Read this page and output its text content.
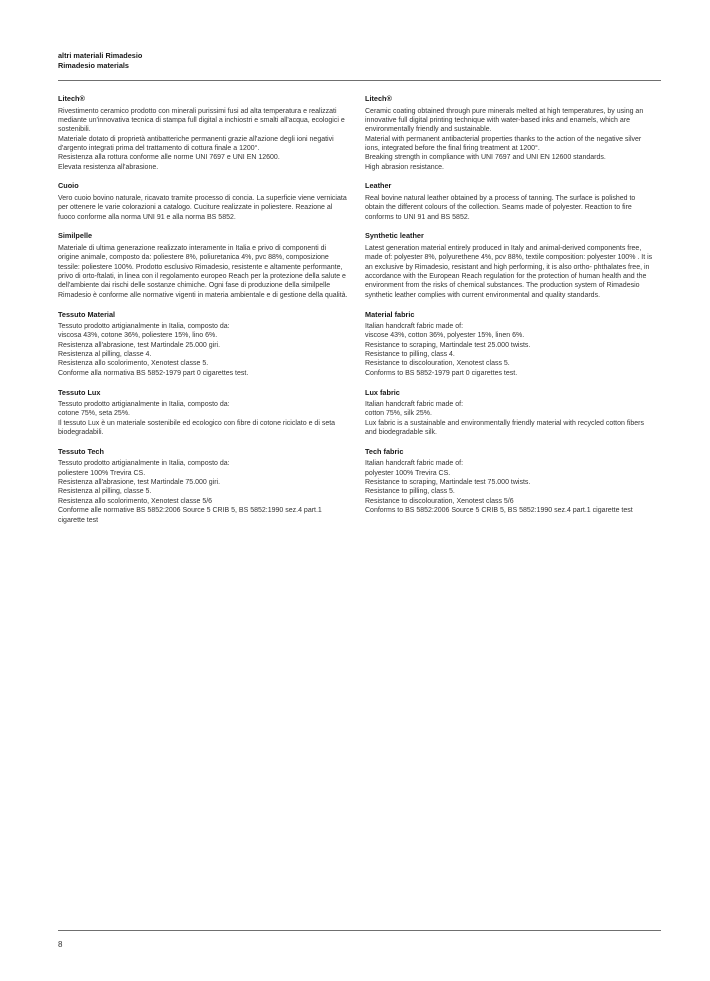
altri materiali Rimadesio
Rimadesio materials
Litech®

Rivestimento ceramico prodotto con minerali purissimi fusi ad alta temperatura e realizzati mediante un'innovativa tecnica di stampa full digital a inchiostri e smalti all'acqua, ecologici e sostenibili.
Materiale dotato di proprietà antibatteriche permanenti grazie all'azione degli ioni negativi d'argento integrati prima del trattamento di cottura finale a 1200°.
Resistenza alla rottura conforme alle norme UNI 7697 e UNI EN 12600.
Elevata resistenza all'abrasione.

Cuoio

Vero cuoio bovino naturale, ricavato tramite processo di concia. La superficie viene verniciata per ottenere le varie colorazioni a catalogo. Cuciture realizzate in poliestere. Reazione al fuoco conforme alla norma UNI 91 e alla norma BS 5852.

Similpelle

Materiale di ultima generazione realizzato interamente in Italia e privo di componenti di origine animale, composto da: poliestere 8%, poliuretanica 4%, pvc 88%, composizione tessile: poliestere 100%. Prodotto esclusivo Rimadesio, resistente e altamente performante, privo di orto-ftalati, in linea con il regolamento europeo Reach per la protezione della salute e dell'ambiente dai rischi delle sostanze chimiche. Ogni fase di produzione della similpelle Rimadesio è conforme alle normative vigenti in materia ambientale e di gestione della qualità.

Tessuto Material

Tessuto prodotto artigianalmente in Italia, composto da:
viscosa 43%, cotone 36%, poliestere 15%, lino 6%.
Resistenza all'abrasione, test Martindale 25.000 giri.
Resistenza al pilling, classe 4.
Resistenza allo scolorimento, Xenotest classe 5.
Conforme alla normativa BS 5852-1979 part 0 cigarettes test.

Tessuto Lux

Tessuto prodotto artigianalmente in Italia, composto da:
cotone 75%, seta 25%.
Il tessuto Lux è un materiale sostenibile ed ecologico con fibre di cotone riciclato e di seta biodegradabili.

Tessuto Tech

Tessuto prodotto artigianalmente in Italia, composto da:
poliestere 100% Trevira CS.
Resistenza all'abrasione, test Martindale 75.000 giri.
Resistenza al pilling, classe 5.
Resistenza allo scolorimento, Xenotest classe 5/6
Conforme alle normative BS 5852:2006 Source 5 CRIB 5, BS 5852:1990 sez.4 part.1 cigarette test

Litech®

Ceramic coating obtained through pure minerals melted at high temperatures, by using an innovative full digital printing technique with water-based inks and enamels, which are environmentally friendly and sustainable.
Material with permanent antibacterial properties thanks to the action of the negative silver ions, integrated before the final firing treatment at 1200°.
Breaking strength in compliance with UNI 7697 and UNI EN 12600 standards.
High abrasion resistance.

Leather

Real bovine natural leather obtained by a process of tanning. The surface is polished to obtain the different colours of the collection. Seams made of polyester. Reaction to fire conforms to UNI 91 and BS 5852.

Synthetic leather

Latest generation material entirely produced in Italy and animal-derived components free, made of: polyester 8%, polyurethene 4%, pcv 88%, textile composition: polyester 100% . It is an exclusive by Rimadesio, resistant and high performing, it is also ortho- phthalates free, in accordance with the European Reach regulation for the protection of human health and the environment from the risks of chemical substances. The production system of Rimadesio synthetic leather complies with current environmental and quality standards.

Material fabric

Italian handcraft fabric made of:
viscose 43%, cotton 36%, polyester 15%, linen 6%.
Resistance to scraping, Martindale test 25.000 twists.
Resistance to pilling, class 4.
Resistance to discolouration, Xenotest class 5.
Conforms to BS 5852-1979 part 0 cigarettes test.

Lux fabric

Italian handcraft fabric made of:
cotton 75%, silk 25%.
Lux fabric is a sustainable and environmentally friendly material with recycled cotton fibers and biodegradable silk.

Tech fabric

Italian handcraft fabric made of:
polyester 100% Trevira CS.
Resistance to scraping, Martindale test 75.000 twists.
Resistance to pilling, class 5.
Resistance to discolouration, Xenotest class 5/6
Conforms to BS 5852:2006 Source 5 CRIB 5, BS 5852:1990 sez.4 part.1 cigarette test

8
